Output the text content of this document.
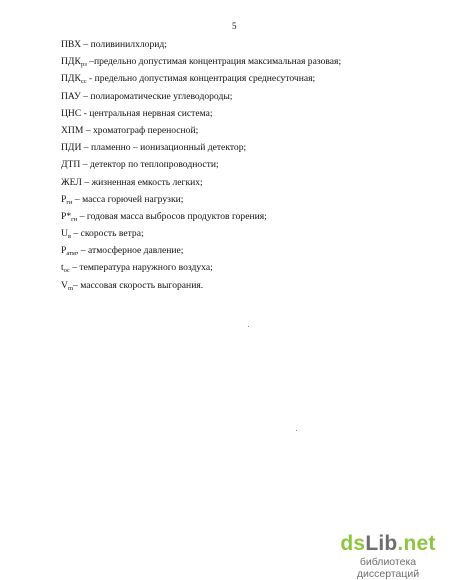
5
ПВХ – поливинилхлорид;
$ПДК_{рз}$ –предельно допустимая концентрация максимальная разовая;
$ПДК_{сс}$ - предельно допустимая концентрация среднесуточная;
ПАУ – полиароматические углеводороды;
ЦНС - центральная нервная система;
ХПМ – хроматограф переносной;
ПДИ – пламенно – ионизационный детектор;
ДТП – детектор по теплопроводности;
ЖЕЛ – жизненная емкость легких;
$P_{гн}$ – масса горючей нагрузки;
$P*_{гн}$ – годовая масса выбросов продуктов горения;
$U_в$ – скорость ветра;
$P_{атм}$, – атмосферное давление;
$t_{oc}$ – температура наружного воздуха;
$V_m-$ массовая скорость выгорания.
dsLib.net
библиотека диссертаций
